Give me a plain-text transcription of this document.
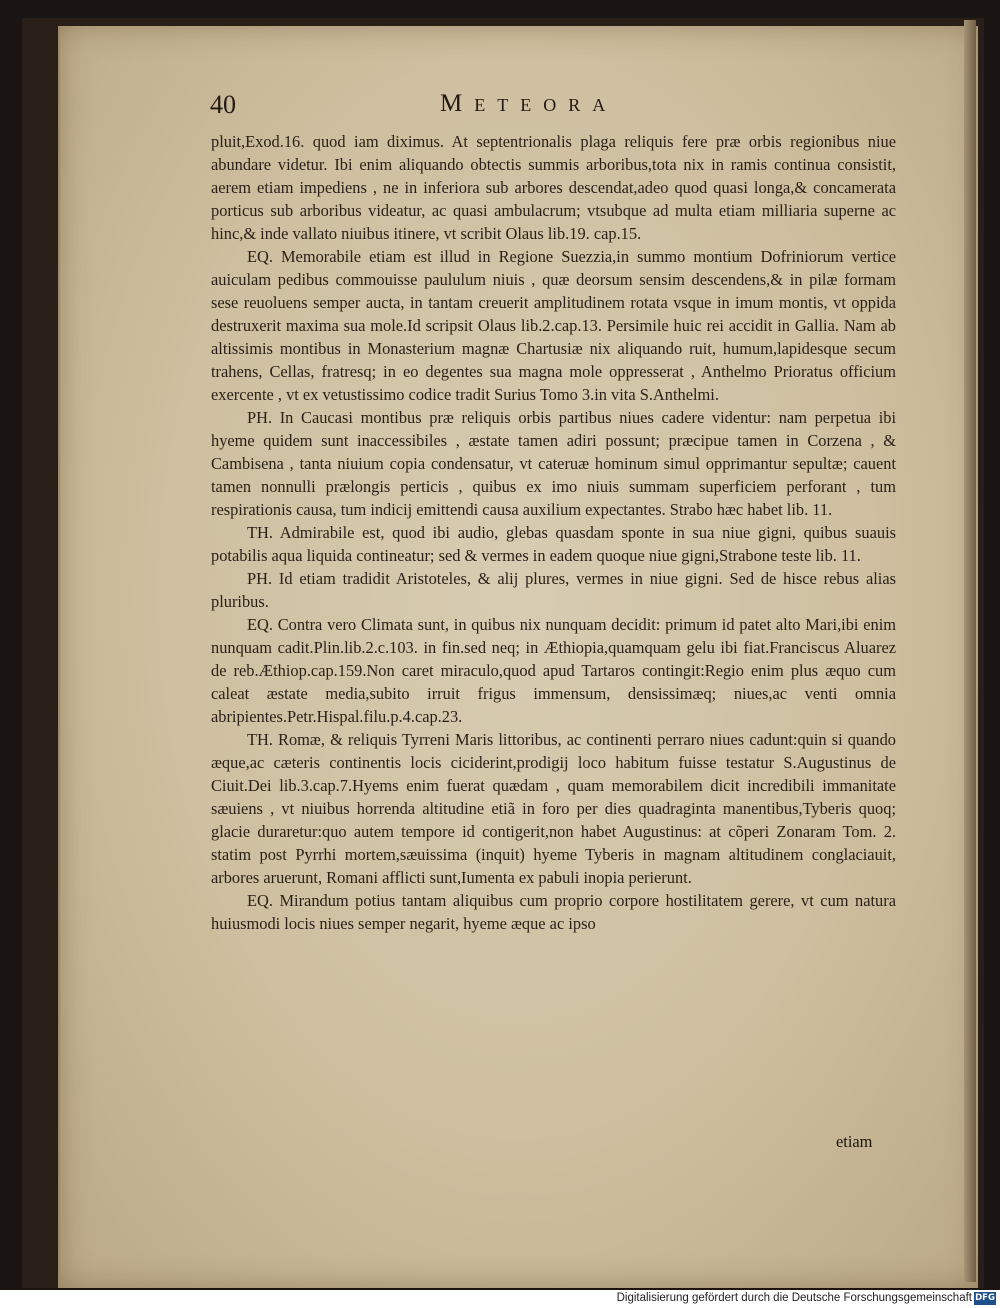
40	Meteora

pluit,Exod.16. quod iam diximus. At septentrionalis plaga reliquis fere præ orbis regionibus niue abundare videtur. Ibi enim aliquando obtectis summis arboribus,tota nix in ramis continua consistit, aerem etiam impediens , ne in inferiora sub arbores descendat,adeo quod quasi longa,& concamerata porticus sub arboribus videatur, ac quasi ambulacrum; vtsubque ad multa etiam milliaria superne ac hinc,& inde vallato niuibus itinere, vt scribit Olaus lib.19. cap.15.

EQ. Memorabile etiam est illud in Regione Suezzia,in summo montium Dofriniorum vertice auiculam pedibus commouisse paululum niuis , quæ deorsum sensim descendens,& in pilæ formam sese reuoluens semper aucta, in tantam creuerit amplitudinem rotata vsque in imum montis, vt oppida destruxerit maxima sua mole.Id scripsit Olaus lib.2.cap.13. Persimile huic rei accidit in Gallia. Nam ab altissimis montibus in Monasterium magnæ Chartusiæ nix aliquando ruit, humum,lapidesque secum trahens, Cellas, fratresq; in eo degentes sua magna mole oppresserat , Anthelmo Prioratus officium exercente , vt ex vetustissimo codice tradit Surius Tomo 3.in vita S.Anthelmi.

PH. In Caucasi montibus præ reliquis orbis partibus niues cadere videntur: nam perpetua ibi hyeme quidem sunt inaccessibiles , æstate tamen adiri possunt; præcipue tamen in Corzena , & Cambisena , tanta niuium copia condensatur, vt cateruæ hominum simul opprimantur sepultæ; cauent tamen nonnulli prælongis perticis , quibus ex imo niuis summam superficiem perforant , tum respirationis causa, tum indicij emittendi causa auxilium expectantes. Strabo hæc habet lib. 11.

TH. Admirabile est, quod ibi audio, glebas quasdam sponte in sua niue gigni, quibus suauis potabilis aqua liquida contineatur; sed & vermes in eadem quoque niue gigni,Strabone teste lib. 11.

PH. Id etiam tradidit Aristoteles, & alij plures, vermes in niue gigni. Sed de hisce rebus alias pluribus.

EQ. Contra vero Climata sunt, in quibus nix nunquam decidit: primum id patet alto Mari,ibi enim nunquam cadit.Plin.lib.2.c.103. in fin.sed neq; in Æthiopia,quamquam gelu ibi fiat.Franciscus Aluarez de reb.Æthiop.cap.159.Non caret miraculo,quod apud Tartaros contingit:Regio enim plus æquo cum caleat æstate media,subito irruit frigus immensum, densissimæq; niues,ac venti omnia abripientes.Petr.Hispal.filu.p.4.cap.23.

TH. Romæ, & reliquis Tyrreni Maris littoribus, ac continenti perraro niues cadunt:quin si quando æque,ac cæteris continentis locis ciciderint,prodigij loco habitum fuisse testatur S.Augustinus de Ciuit.Dei lib.3.cap.7.Hyems enim fuerat quædam , quam memorabilem dicit incredibili immanitate sæuiens , vt niuibus horrenda altitudine etiã in foro per dies quadraginta manentibus,Tyberis quoq; glacie duraretur:quo autem tempore id contigerit,non habet Augustinus: at cõperi Zonaram Tom. 2. statim post Pyrrhi mortem,sæuissima (inquit) hyeme Tyberis in magnam altitudinem conglaciauit, arbores aruerunt, Romani afflicti sunt,Iumenta ex pabuli inopia perierunt.

EQ. Mirandum potius tantam aliquibus cum proprio corpore hostilitatem gerere, vt cum natura huiusmodi locis niues semper negarit, hyeme æque ac ipso

etiam
Digitalisierung gefördert durch die Deutsche Forschungsgemeinschaft DFG
